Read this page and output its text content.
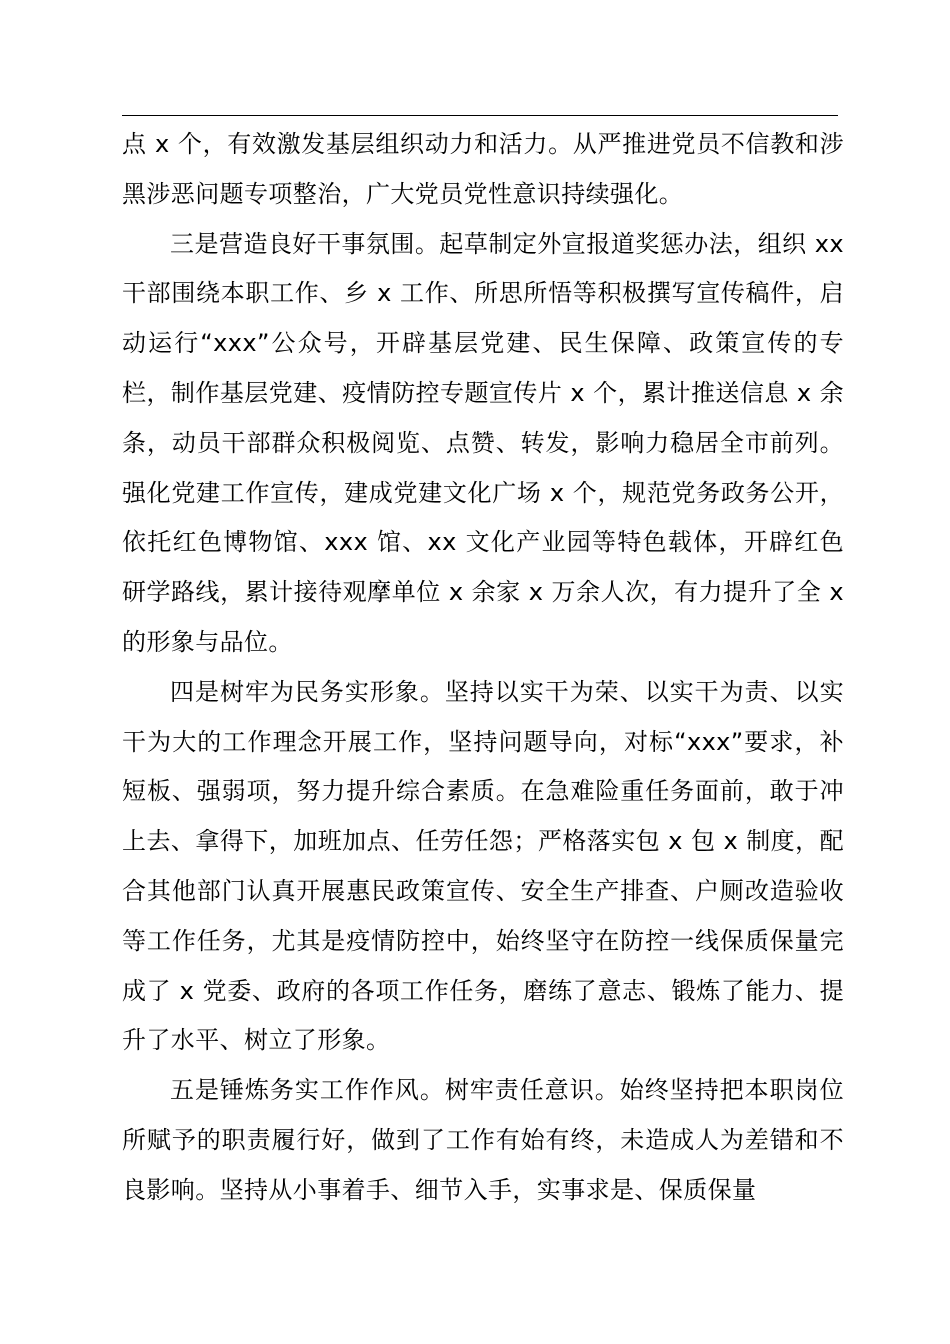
点 x 个，有效激发基层组织动力和活力。从严推进党员不信教和涉黑涉恶问题专项整治，广大党员党性意识持续强化。

三是营造良好干事氛围。起草制定外宣报道奖惩办法，组织 xx 干部围绕本职工作、乡 x 工作、所思所悟等积极撰写宣传稿件，启动运行“xxx”公众号，开辟基层党建、民生保障、政策宣传的专栏，制作基层党建、疫情防控专题宣传片 x 个，累计推送信息 x 余条，动员干部群众积极阅览、点赞、转发，影响力稳居全市前列。强化党建工作宣传，建成党建文化广场 x 个，规范党务政务公开，依托红色博物馆、xxx 馆、xx 文化产业园等特色载体，开辟红色研学路线，累计接待观摩单位 x 余家 x 万余人次，有力提升了全 x 的形象与品位。

四是树牢为民务实形象。坚持以实干为荣、以实干为责、以实干为大的工作理念开展工作，坚持问题导向，对标“xxx”要求，补短板、强弱项，努力提升综合素质。在急难险重任务面前，敢于冲上去、拿得下，加班加点、任劳任怨；严格落实包 x 包 x 制度，配合其他部门认真开展惠民政策宣传、安全生产排查、户厕改造验收等工作任务，尤其是疫情防控中，始终坚守在防控一线保质保量完成了 x 党委、政府的各项工作任务，磨练了意志、锻炼了能力、提升了水平、树立了形象。

五是锤炼务实工作作风。树牢责任意识。始终坚持把本职岗位所赋予的职责履行好，做到了工作有始有终，未造成人为差错和不良影响。坚持从小事着手、细节入手，实事求是、保质保量
